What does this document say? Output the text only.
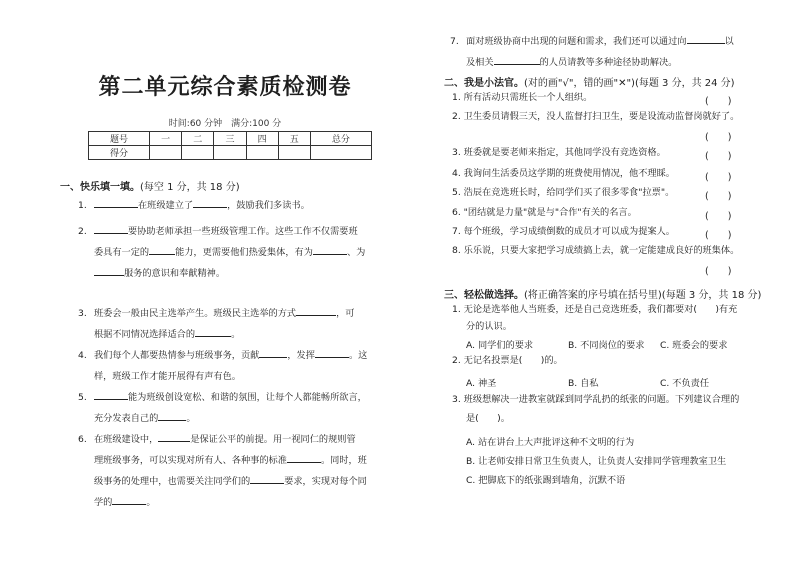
第二单元综合素质检测卷
时间:60 分钟　满分:100 分
题号	一	二	三	四	五	总分
得分						
一、快乐填一填。(每空 1 分，共 18 分)
1.	在班级建立了	，鼓励我们多读书。
2.	要协助老师承担一些班级管理工作。这些工作不仅需要班
委具有一定的	能力，更需要他们热爱集体，有为	、为
服务的意识和奉献精神。
3. 班委会一般由民主选举产生。班级民主选举的方式	，可
根据不同情况选择适合的	。
4. 我们每个人都要热情参与班级事务，贡献	，发挥	。这
样，班级工作才能开展得有声有色。
5.	能为班级创设宽松、和谐的氛围，让每个人都能畅所欲言，
充分发表自己的	。
6. 在班级建设中，	是保证公平的前提。用一视同仁的规则管
理班级事务，可以实现对所有人、各种事的标准	。同时，班
级事务的处理中，也需要关注同学们的	要求，实现对每个同
学的	。
7. 面对班级协商中出现的问题和需求，我们还可以通过向	以
及相关	的人员请教等多种途径协助解决。
二、我是小法官。(对的画"√"，错的画"✕")(每题 3 分，共 24 分)
1. 所有活动只需班长一个人组织。	(　　)
2. 卫生委员请假三天，没人监督打扫卫生，要是设流动监督岗就好了。
(　　)
3. 班委就是要老师来指定，其他同学没有竞选资格。	(　　)
4. 我询问生活委员这学期的班费使用情况，他不理睬。	(　　)
5. 浩辰在竞选班长时，给同学们买了很多零食"拉票"。	(　　)
6. "团结就是力量"就是与"合作"有关的名言。	(　　)
7. 每个班级，学习成绩倒数的成员才可以成为提案人。	(　　)
8. 乐乐说，只要大家把学习成绩搞上去，就一定能建成良好的班集体。
(　　)
三、轻松做选择。(将正确答案的序号填在括号里)(每题 3 分，共 18 分)
1. 无论是选举他人当班委，还是自己竞选班委，我们都要对(　　)有充
分的认识。
A. 同学们的要求	B. 不同岗位的要求 C. 班委会的要求
2. 无记名投票是(　　)的。
A. 神圣	B. 自私	C. 不负责任
3. 班级想解决一进教室就踩到同学乱扔的纸张的问题。下列建议合理的
是(　　)。
A. 站在讲台上大声批评这种不文明的行为
B. 让老师安排日常卫生负责人，让负责人安排同学管理教室卫生
C. 把脚底下的纸张踢到墙角，沉默不语
